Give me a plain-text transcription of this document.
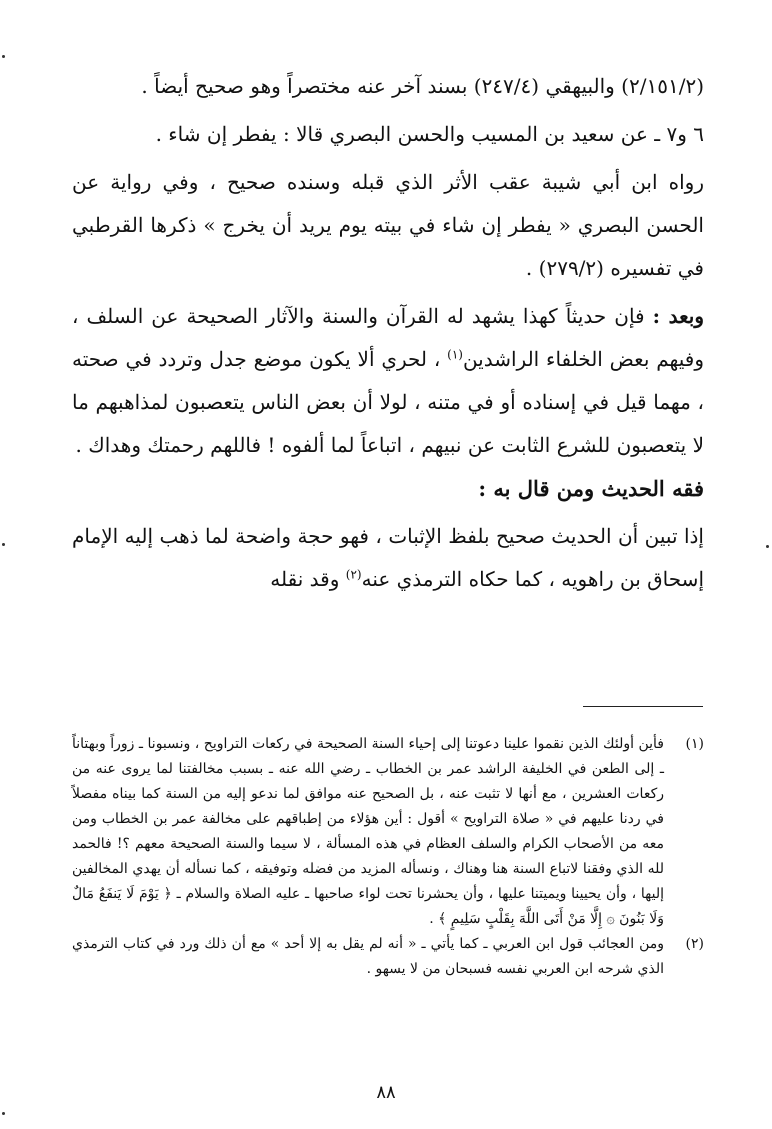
(٢/١٥١/٢) والبيهقي (٢٤٧/٤) بسند آخر عنه مختصراً وهو صحيح أيضاً .

٦ و٧ ـ عن سعيد بن المسيب والحسن البصري قالا : يفطر إن شاء .

رواه ابن أبي شيبة عقب الأثر الذي قبله وسنده صحيح ، وفي رواية عن الحسن البصري « يفطر إن شاء في بيته يوم يريد أن يخرج » ذكرها القرطبي في تفسيره (٢٧٩/٢) .

وبعد : فإن حديثاً كهذا يشهد له القرآن والسنة والآثار الصحيحة عن السلف ، وفيهم بعض الخلفاء الراشدين$^{(١)}$ ، لحري ألا يكون موضع جدل وتردد في صحته ، مهما قيل في إسناده أو في متنه ، لولا أن بعض الناس يتعصبون لمذاهبهم ما لا يتعصبون للشرع الثابت عن نبيهم ، اتباعاً لما ألفوه ! فاللهم رحمتك وهداك .

فقه الحديث ومن قال به :

إذا تبين أن الحديث صحيح بلفظ الإثبات ، فهو حجة واضحة لما ذهب إليه الإمام إسحاق بن راهويه ، كما حكاه الترمذي عنه$^{(٢)}$ وقد نقله

(١)
فأين أولئك الذين نقموا علينا دعوتنا إلى إحياء السنة الصحيحة في ركعات التراويح ، ونسبونا ـ زوراً وبهتاناً ـ إلى الطعن في الخليفة الراشد عمر بن الخطاب ـ رضي الله عنه ـ بسبب مخالفتنا لما يروى عنه من ركعات العشرين ، مع أنها لا تثبت عنه ، بل الصحيح عنه موافق لما ندعو إليه من السنة كما بيناه مفصلاً في ردنا عليهم في « صلاة التراويح » أقول : أين هؤلاء من إطباقهم على مخالفة عمر بن الخطاب ومن معه من الأصحاب الكرام والسلف العظام في هذه المسألة ، لا سيما والسنة الصحيحة معهم ؟! فالحمد لله الذي وفقنا لاتباع السنة هنا وهناك ، ونسأله المزيد من فضله وتوفيقه ، كما نسأله أن يهدي المخالفين إليها ، وأن يحيينا ويميتنا عليها ، وأن يحشرنا تحت لواء صاحبها ـ عليه الصلاة والسلام ـ ﴿ يَوْمَ لَا يَنفَعُ مَالٌ وَلَا بَنُونَ ۞ إِلَّا مَنْ أَتَى اللَّهَ بِقَلْبٍ سَلِيمٍ ﴾ .
(٢)
ومن العجائب قول ابن العربي ـ كما يأتي ـ « أنه لم يقل به إلا أحد » مع أن ذلك ورد في كتاب الترمذي الذي شرحه ابن العربي نفسه فسبحان من لا يسهو .
٨٨
